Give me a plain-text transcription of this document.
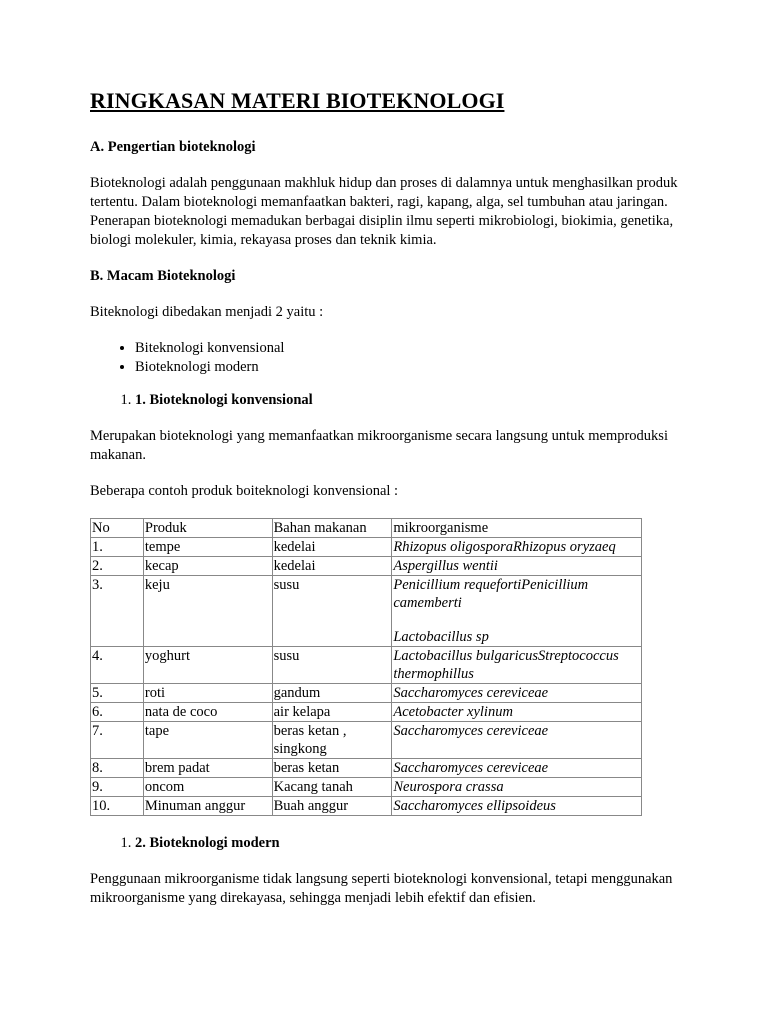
RINGKASAN MATERI BIOTEKNOLOGI
A. Pengertian bioteknologi

Bioteknologi adalah penggunaan makhluk hidup dan proses di dalamnya untuk menghasilkan produk tertentu. Dalam bioteknologi memanfaatkan bakteri, ragi, kapang, alga, sel tumbuhan atau jaringan. Penerapan bioteknologi memadukan berbagai disiplin ilmu seperti mikrobiologi, biokimia, genetika, biologi molekuler, kimia, rekayasa proses dan teknik kimia.

B. Macam Bioteknologi

Biteknologi dibedakan menjadi 2 yaitu :

• Biteknologi konvensional
• Bioteknologi modern
1. 1. Bioteknologi konvensional

Merupakan bioteknologi yang memanfaatkan mikroorganisme secara langsung untuk memproduksi makanan.

Beberapa contoh produk boiteknologi konvensional :

No	Produk	Bahan makanan	mikroorganisme
1.	tempe	kedelai	Rhizopus oligosporaRhizopus oryzaeq
2.	kecap	kedelai	Aspergillus wentii
3.	keju	susu	Penicillium requefortiPenicillium camemberti
Lactobacillus sp
4.	yoghurt	susu	Lactobacillus bulgaricusStreptococcus thermophillus
5.	roti	gandum	Saccharomyces cereviceae
6.	nata de coco	air kelapa	Acetobacter xylinum
7.	tape	beras ketan , singkong	Saccharomyces cereviceae
8.	brem padat	beras ketan	Saccharomyces cereviceae
9.	oncom	Kacang tanah	Neurospora crassa
10.	Minuman anggur	Buah anggur	Saccharomyces ellipsoideus
1. 2. Bioteknologi modern

Penggunaan mikroorganisme tidak langsung seperti bioteknologi konvensional, tetapi menggunakan mikroorganisme yang direkayasa, sehingga menjadi lebih efektif dan efisien.
